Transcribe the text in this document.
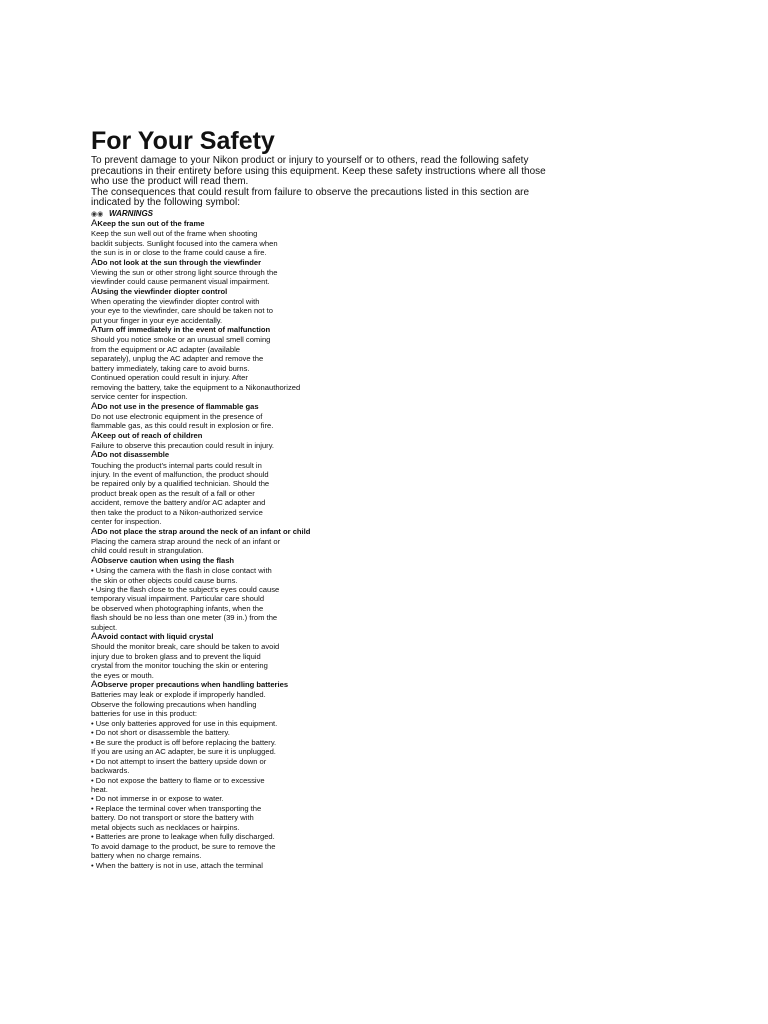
For Your Safety

To prevent damage to your Nikon product or injury to yourself or to others, read the following safety
precautions in their entirety before using this equipment. Keep these safety instructions where all those
who use the product will read them.

The consequences that could result from failure to observe the precautions listed in this section are
indicated by the following symbol:

◉◉ WARNINGS
AKeep the sun out of the frame

Keep the sun well out of the frame when shooting
backlit subjects. Sunlight focused into the camera when
the sun is in or close to the frame could cause a fire.

ADo not look at the sun through the viewfinder

Viewing the sun or other strong light source through the
viewfinder could cause permanent visual impairment.

AUsing the viewfinder diopter control

When operating the viewfinder diopter control with
your eye to the viewfinder, care should be taken not to
put your finger in your eye accidentally.

ATurn off immediately in the event of malfunction

Should you notice smoke or an unusual smell coming
from the equipment or AC adapter (available
separately), unplug the AC adapter and remove the
battery immediately, taking care to avoid burns.
Continued operation could result in injury. After
removing the battery, take the equipment to a Nikonauthorized
service center for inspection.

ADo not use in the presence of flammable gas

Do not use electronic equipment in the presence of
flammable gas, as this could result in explosion or fire.

AKeep out of reach of children

Failure to observe this precaution could result in injury.

ADo not disassemble

Touching the product’s internal parts could result in
injury. In the event of malfunction, the product should
be repaired only by a qualified technician. Should the
product break open as the result of a fall or other
accident, remove the battery and/or AC adapter and
then take the product to a Nikon-authorized service
center for inspection.

ADo not place the strap around the neck of an infant or child

Placing the camera strap around the neck of an infant or
child could result in strangulation.

AObserve caution when using the flash

• Using the camera with the flash in close contact with
the skin or other objects could cause burns.
• Using the flash close to the subject’s eyes could cause
temporary visual impairment. Particular care should
be observed when photographing infants, when the
flash should be no less than one meter (39 in.) from the
subject.

AAvoid contact with liquid crystal

Should the monitor break, care should be taken to avoid
injury due to broken glass and to prevent the liquid
crystal from the monitor touching the skin or entering
the eyes or mouth.

AObserve proper precautions when handling batteries

Batteries may leak or explode if improperly handled.
Observe the following precautions when handling
batteries for use in this product:
• Use only batteries approved for use in this equipment.
• Do not short or disassemble the battery.
• Be sure the product is off before replacing the battery.
If you are using an AC adapter, be sure it is unplugged.
• Do not attempt to insert the battery upside down or
backwards.
• Do not expose the battery to flame or to excessive
heat.
• Do not immerse in or expose to water.
• Replace the terminal cover when transporting the
battery. Do not transport or store the battery with
metal objects such as necklaces or hairpins.
• Batteries are prone to leakage when fully discharged.
To avoid damage to the product, be sure to remove the
battery when no charge remains.
• When the battery is not in use, attach the terminal
